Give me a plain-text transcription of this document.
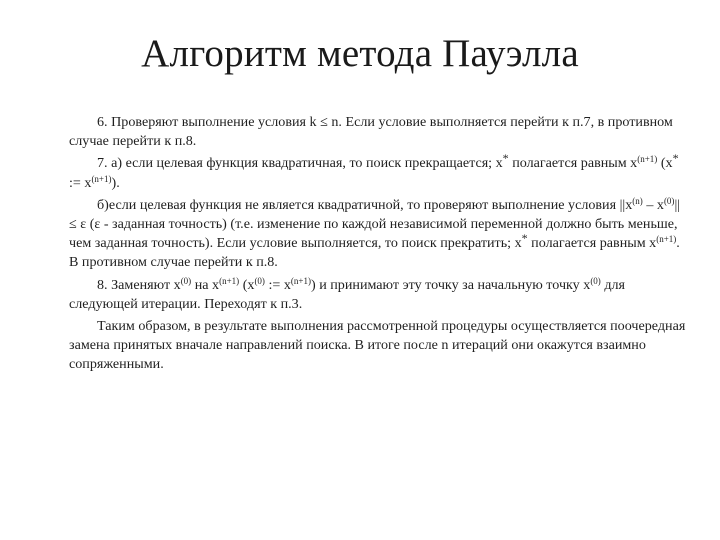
Алгоритм метода Пауэлла

6. Проверяют выполнение условия k ≤ n. Если условие выполняется перейти к п.7, в противном случае перейти к п.8.

7. а) если целевая функция квадратичная, то поиск прекращается; x* полагается равным $x^{(n+1)}$ (x* := $x^{(n+1)}$).

б)если целевая функция не является квадратичной, то проверяют выполнение условия $||x^{(n)} - x^{(0)}|| \le \varepsilon$ (ε - заданная точность) (т.е. изменение по каждой независимой переменной должно быть меньше, чем заданная точность). Если условие выполняется, то поиск прекратить; x* полагается равным $x^{(n+1)}$. В противном случае перейти к п.8.

8. Заменяют $x^{(0)}$ на $x^{(n+1)}$ ($x^{(0)}$ := $x^{(n+1)}$) и принимают эту точку за начальную точку $x^{(0)}$ для следующей итерации. Переходят к п.3.

Таким образом, в результате выполнения рассмотренной процедуры осуществляется поочередная замена принятых вначале направлений поиска. В итоге после n итераций они окажутся взаимно сопряженными.
